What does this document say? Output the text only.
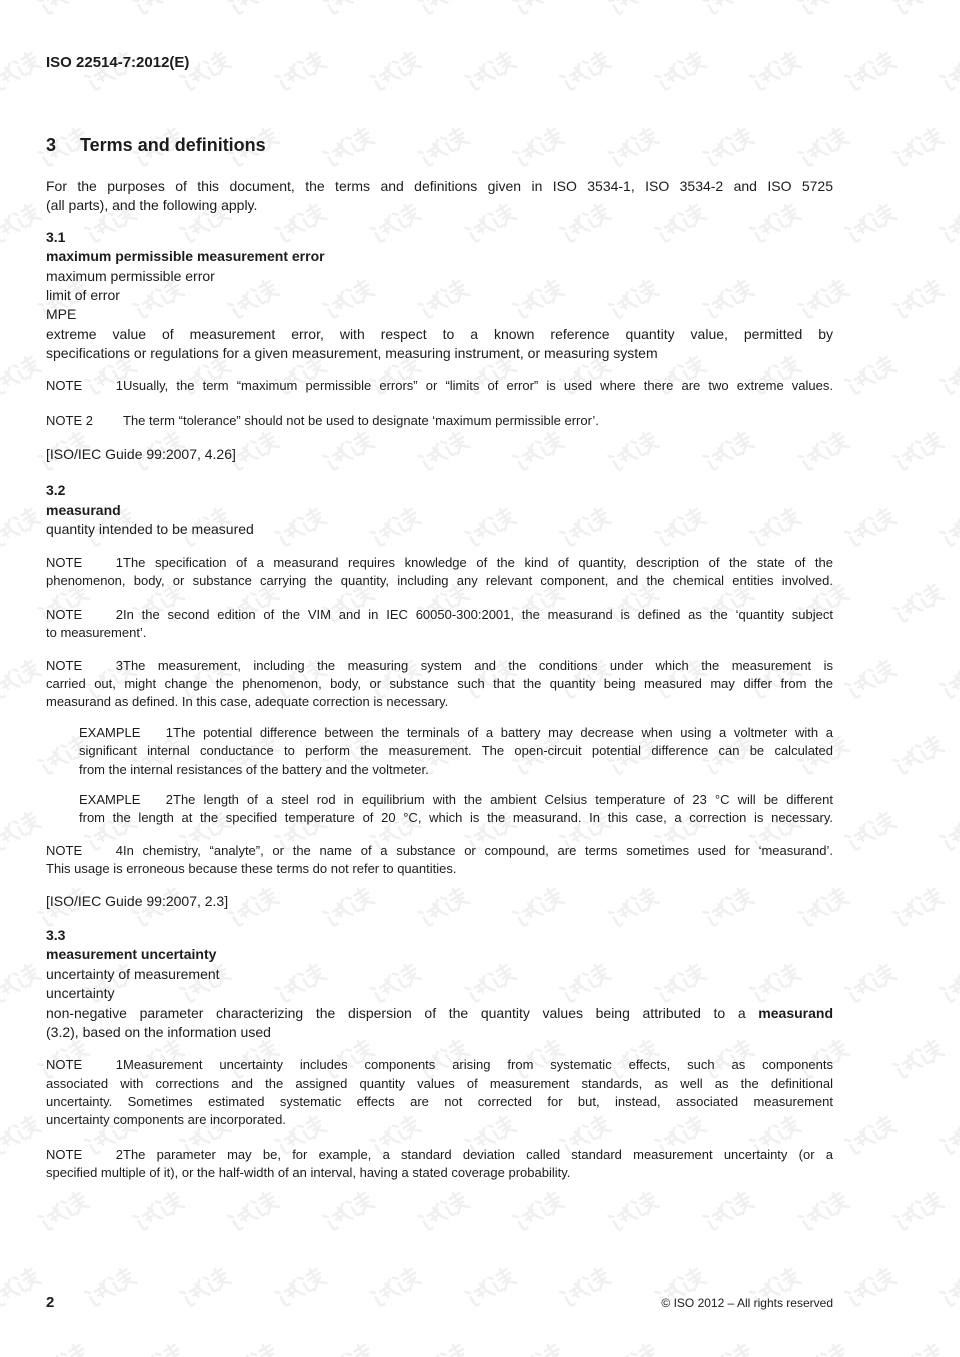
ISO 22514-7:2012(E)
3 Terms and definitions
For the purposes of this document, the terms and definitions given in ISO 3534-1, ISO 3534-2 and ISO 5725
(all parts), and the following apply.
3.1
maximum permissible measurement error
maximum permissible error
limit of error
MPE
extreme value of measurement error, with respect to a known reference quantity value, permitted by
specifications or regulations for a given measurement, measuring instrument, or measuring system
NOTE 1Usually, the term “maximum permissible errors” or “limits of error” is used where there are two extreme values.
NOTE 2 The term “tolerance” should not be used to designate ‘maximum permissible error’.
[ISO/IEC Guide 99:2007, 4.26]
3.2
measurand
quantity intended to be measured
NOTE 1The specification of a measurand requires knowledge of the kind of quantity, description of the state of the
phenomenon, body, or substance carrying the quantity, including any relevant component, and the chemical entities involved.
NOTE 2In the second edition of the VIM and in IEC 60050-300:2001, the measurand is defined as the ‘quantity subject
to measurement’.
NOTE 3The measurement, including the measuring system and the conditions under which the measurement is
carried out, might change the phenomenon, body, or substance such that the quantity being measured may differ from the
measurand as defined. In this case, adequate correction is necessary.
EXAMPLE 1The potential difference between the terminals of a battery may decrease when using a voltmeter with a
significant internal conductance to perform the measurement. The open-circuit potential difference can be calculated
from the internal resistances of the battery and the voltmeter.
EXAMPLE 2The length of a steel rod in equilibrium with the ambient Celsius temperature of 23 °C will be different
from the length at the specified temperature of 20 °C, which is the measurand. In this case, a correction is necessary.
NOTE 4In chemistry, “analyte”, or the name of a substance or compound, are terms sometimes used for ‘measurand’.
This usage is erroneous because these terms do not refer to quantities.
[ISO/IEC Guide 99:2007, 2.3]
3.3
measurement uncertainty
uncertainty of measurement
uncertainty
non-negative parameter characterizing the dispersion of the quantity values being attributed to a measurand
(3.2), based on the information used
NOTE 1Measurement uncertainty includes components arising from systematic effects, such as components
associated with corrections and the assigned quantity values of measurement standards, as well as the definitional
uncertainty. Sometimes estimated systematic effects are not corrected for but, instead, associated measurement
uncertainty components are incorporated.
NOTE 2The parameter may be, for example, a standard deviation called standard measurement uncertainty (or a
specified multiple of it), or the half-width of an interval, having a stated coverage probability.
2	© ISO 2012 – All rights reserved
